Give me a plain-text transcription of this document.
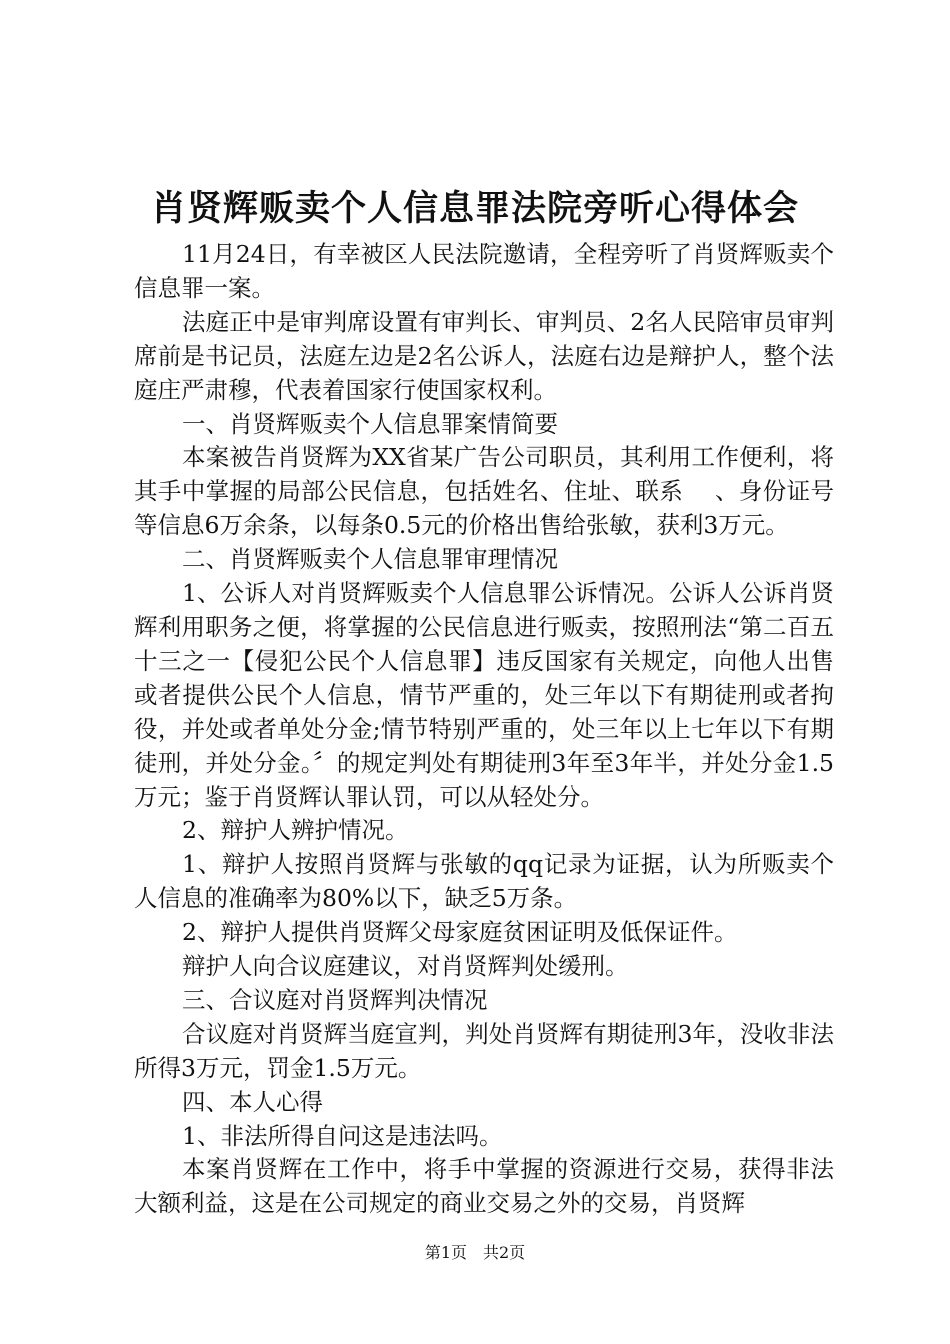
肖贤辉贩卖个人信息罪法院旁听心得体会

11月24日，有幸被区人民法院邀请，全程旁听了肖贤辉贩卖个信息罪一案。

法庭正中是审判席设置有审判长、审判员、2名人民陪审员审判席前是书记员，法庭左边是2名公诉人，法庭右边是辩护人，整个法庭庄严肃穆，代表着国家行使国家权利。

一、肖贤辉贩卖个人信息罪案情简要

本案被告肖贤辉为XX省某广告公司职员，其利用工作便利，将其手中掌握的局部公民信息，包括姓名、住址、联系　 、身份证号等信息6万余条，以每条0.5元的价格出售给张敏，获利3万元。

二、肖贤辉贩卖个人信息罪审理情况

1、公诉人对肖贤辉贩卖个人信息罪公诉情况。公诉人公诉肖贤辉利用职务之便，将掌握的公民信息进行贩卖，按照刑法“第二百五十三之一【侵犯公民个人信息罪】违反国家有关规定，向他人出售或者提供公民个人信息，情节严重的，处三年以下有期徒刑或者拘役，并处或者单处分金;情节特别严重的，处三年以上七年以下有期徒刑，并处分金。〞的规定判处有期徒刑3年至3年半，并处分金1.5万元；鉴于肖贤辉认罪认罚，可以从轻处分。

2、辩护人辨护情况。

1、辩护人按照肖贤辉与张敏的qq记录为证据，认为所贩卖个人信息的准确率为80%以下，缺乏5万条。

2、辩护人提供肖贤辉父母家庭贫困证明及低保证件。

辩护人向合议庭建议，对肖贤辉判处缓刑。

三、合议庭对肖贤辉判决情况

合议庭对肖贤辉当庭宣判，判处肖贤辉有期徒刑3年，没收非法所得3万元，罚金1.5万元。

四、本人心得

1、非法所得自问这是违法吗。

本案肖贤辉在工作中，将手中掌握的资源进行交易，获得非法大额利益，这是在公司规定的商业交易之外的交易，肖贤辉

第1页　共2页
